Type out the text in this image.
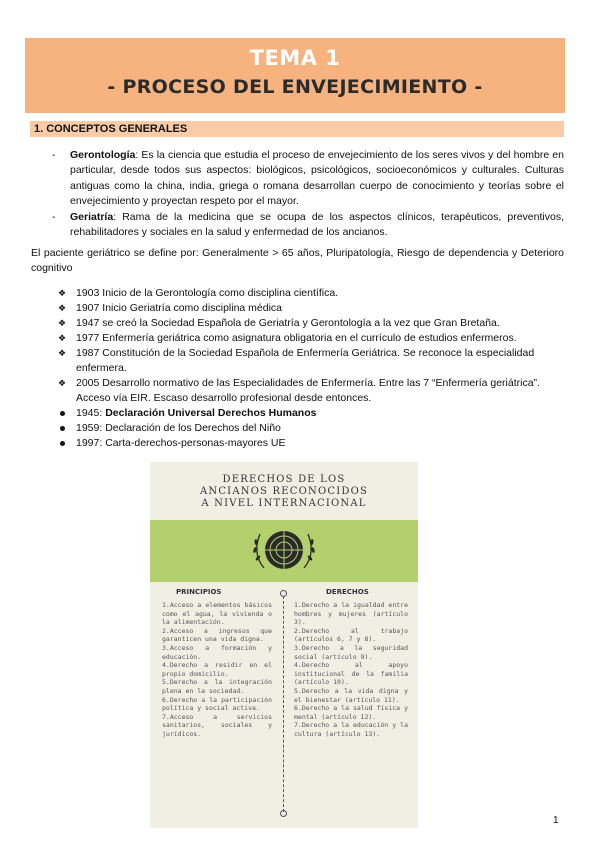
TEMA 1
- PROCESO DEL ENVEJECIMIENTO -
1. CONCEPTOS GENERALES
- Gerontología: Es la ciencia que estudia el proceso de envejecimiento de los seres vivos y del hombre en particular, desde todos sus aspectos: biológicos, psicológicos, socioeconómicos y culturales. Culturas antiguas como la china, india, griega o romana desarrollan cuerpo de conocimiento y teorías sobre el envejecimiento y proyectan respeto por el mayor.
- Geriatría: Rama de la medicina que se ocupa de los aspectos clínicos, terapéuticos, preventivos, rehabilitadores y sociales en la salud y enfermedad de los ancianos.
El paciente geriátrico se define por: Generalmente > 65 años, Pluripatología, Riesgo de dependencia y Deterioro cognitivo
❖ 1903 Inicio de la Gerontología como disciplina científica.
❖ 1907 Inicio Geriatría como disciplina médica
❖ 1947 se creó la Sociedad Española de Geriatría y Gerontología a la vez que Gran Bretaña.
❖ 1977 Enfermería geriátrica como asignatura obligatoria en el currículo de estudios enfermeros.
❖ 1987 Constitución de la Sociedad Española de Enfermería Geriátrica. Se reconoce la especialidad enfermera.
❖ 2005 Desarrollo normativo de las Especialidades de Enfermería. Entre las 7 “Enfermería geriátrica”. Acceso vía EIR. Escaso desarrollo profesional desde entonces.
1945: Declaración Universal Derechos Humanos
1959: Declaración de los Derechos del Niño
1997: Carta-derechos-personas-mayores UE
DERECHOS DE LOS
ANCIANOS RECONOCIDOS
A NIVEL INTERNACIONAL
PRINCIPIOS	DERECHOS
1.Acceso a elementos básicos como el agua, la vivienda o la alimentación.
2.Acceso a ingresos que garanticen una vida digna.
3.Acceso a formación y educación.
4.Derecho a residir en el propio domicilio.
5.Derecho a la integración plena en la sociedad.
6.Derecho a la participación política y social activa.
7.Acceso a servicios sanitarios, sociales y jurídicos.
1.Derecho a la igualdad entre hombres y mujeres (artículo 3).
2.Derecho al trabajo (artículos 6, 7 y 8).
3.Derecho a la seguridad social (artículo 9).
4.Derecho al apoyo institucional de la familia (artículo 10).
5.Derecho a la vida digna y el bienestar (artículo 11).
6.Derecho a la salud física y mental (artículo 12).
7.Derecho a la educación y la cultura (artículo 13).
1
